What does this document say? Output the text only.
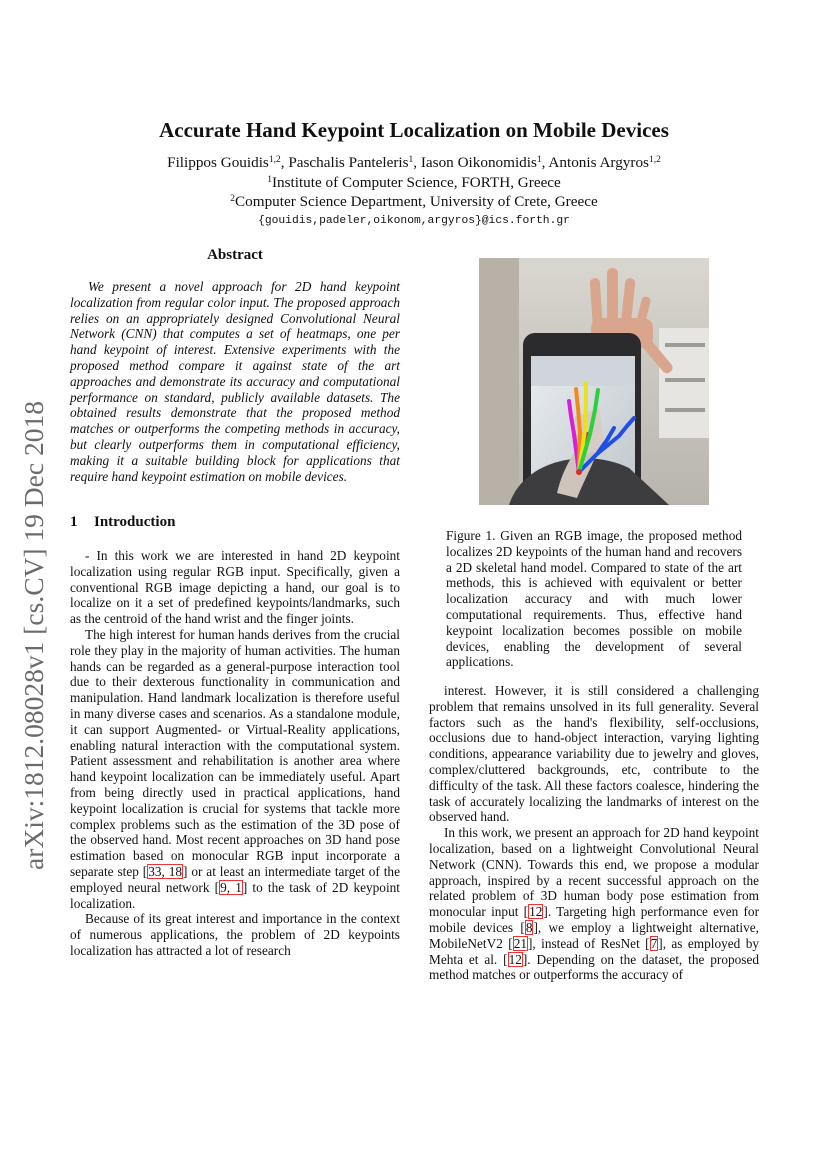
Accurate Hand Keypoint Localization on Mobile Devices
Filippos Gouidis$^{1,2}$, Paschalis Panteleris$^1$, Iason Oikonomidis$^1$, Antonis Argyros$^{1,2}$
$^1$Institute of Computer Science, FORTH, Greece
$^2$Computer Science Department, University of Crete, Greece
{gouidis,padeler,oikonom,argyros}@ics.forth.gr
arXiv:1812.08028v1 [cs.CV] 19 Dec 2018
Abstract
We present a novel approach for 2D hand keypoint localization from regular color input. The proposed approach relies on an appropriately designed Convolutional Neural Network (CNN) that computes a set of heatmaps, one per hand keypoint of interest. Extensive experiments with the proposed method compare it against state of the art approaches and demonstrate its accuracy and computational performance on standard, publicly available datasets. The obtained results demonstrate that the proposed method matches or outperforms the competing methods in accuracy, but clearly outperforms them in computational efficiency, making it a suitable building block for applications that require hand keypoint estimation on mobile devices.
1 Introduction

- In this work we are interested in hand 2D keypoint localization using regular RGB input. Specifically, given a conventional RGB image depicting a hand, our goal is to localize on it a set of predefined keypoints/landmarks, such as the centroid of the hand wrist and the finger joints.

The high interest for human hands derives from the crucial role they play in the majority of human activities. The human hands can be regarded as a general-purpose interaction tool due to their dexterous functionality in communication and manipulation. Hand landmark localization is therefore useful in many diverse cases and scenarios. As a standalone module, it can support Augmented- or Virtual-Reality applications, enabling natural interaction with the computational system. Patient assessment and rehabilitation is another area where hand keypoint localization can be immediately useful. Apart from being directly used in practical applications, hand keypoint localization is crucial for systems that tackle more complex problems such as the estimation of the 3D pose of the observed hand. Most recent approaches on 3D hand pose estimation based on monocular RGB input incorporate a separate step [33, 18] or at least an intermediate target of the employed neural network [9, 1] to the task of 2D keypoint localization.

Because of its great interest and importance in the context of numerous applications, the problem of 2D keypoints localization has attracted a lot of research

Figure 1. Given an RGB image, the proposed method localizes 2D keypoints of the human hand and recovers a 2D skeletal hand model. Compared to state of the art methods, this is achieved with equivalent or better localization accuracy and with much lower computational requirements. Thus, effective hand keypoint localization becomes possible on mobile devices, enabling the development of several applications.

interest. However, it is still considered a challenging problem that remains unsolved in its full generality. Several factors such as the hand's flexibility, self-occlusions, occlusions due to hand-object interaction, varying lighting conditions, appearance variability due to jewelry and gloves, complex/cluttered backgrounds, etc, contribute to the difficulty of the task. All these factors coalesce, hindering the task of accurately localizing the landmarks of interest on the observed hand.

In this work, we present an approach for 2D hand keypoint localization, based on a lightweight Convolutional Neural Network (CNN). Towards this end, we propose a modular approach, inspired by a recent successful approach on the related problem of 3D human body pose estimation from monocular input [12]. Targeting high performance even for mobile devices [8], we employ a lightweight alternative, MobileNetV2 [21], instead of ResNet [7], as employed by Mehta et al. [12]. Depending on the dataset, the proposed method matches or outperforms the accuracy of
